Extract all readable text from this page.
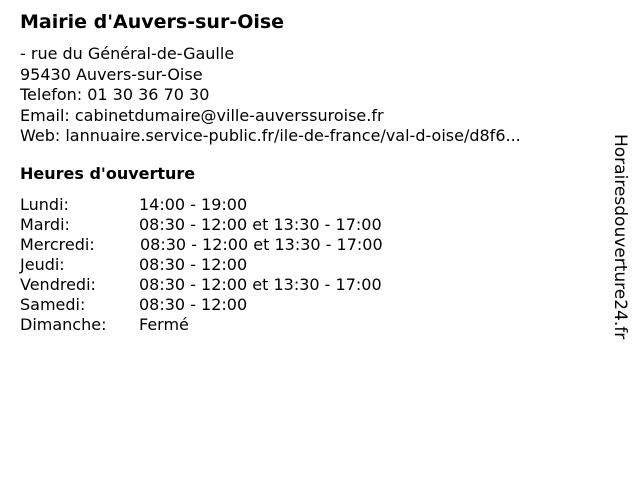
Mairie d'Auvers-sur-Oise
- rue du Général-de-Gaulle
95430 Auvers-sur-Oise
Telefon: 01 30 36 70 30
Email: cabinetdumaire@ville-auverssuroise.fr
Web: lannuaire.service-public.fr/ile-de-france/val-d-oise/d8f6...
Heures d'ouverture
Lundi:	14:00 - 19:00
Mardi:	08:30 - 12:00 et 13:30 - 17:00
Mercredi:	08:30 - 12:00 et 13:30 - 17:00
Jeudi:	08:30 - 12:00
Vendredi:	08:30 - 12:00 et 13:30 - 17:00
Samedi:	08:30 - 12:00
Dimanche: Fermé	Horairesdouverture24.fr
